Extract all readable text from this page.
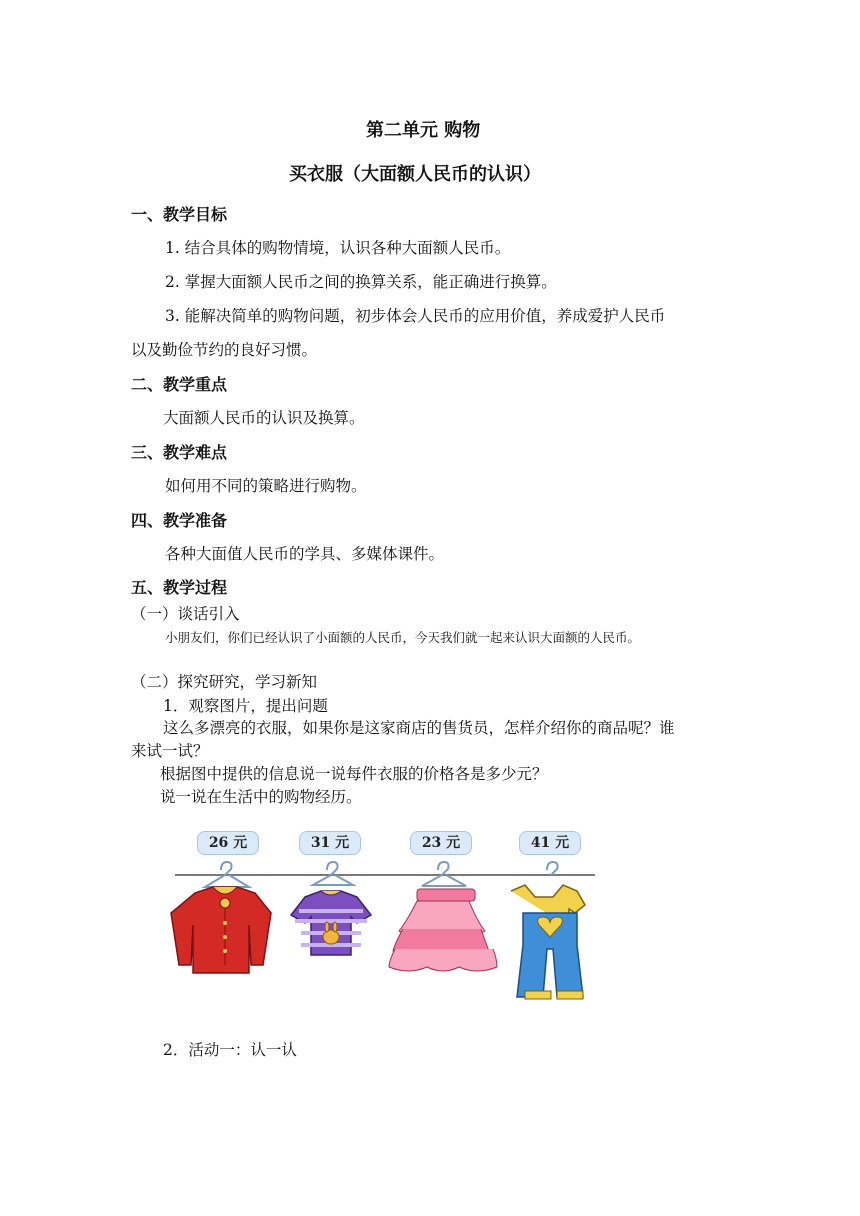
第二单元 购物
买衣服（大面额人民币的认识）
一、教学目标
1. 结合具体的购物情境，认识各种大面额人民币。
2. 掌握大面额人民币之间的换算关系，能正确进行换算。
3. 能解决简单的购物问题，初步体会人民币的应用价值，养成爱护人民币
以及勤俭节约的良好习惯。
二、教学重点
大面额人民币的认识及换算。
三、教学难点
如何用不同的策略进行购物。
四、教学准备
各种大面值人民币的学具、多媒体课件。
五、教学过程
（一）谈话引入
小朋友们，你们已经认识了小面额的人民币，今天我们就一起来认识大面额的人民币。
（二）探究研究，学习新知
1．观察图片，提出问题
这么多漂亮的衣服，如果你是这家商店的售货员，怎样介绍你的商品呢？谁
来试一试？
根据图中提供的信息说一说每件衣服的价格各是多少元？
说一说在生活中的购物经历。
26 元	31 元	23 元	41 元
2．活动一：认一认
